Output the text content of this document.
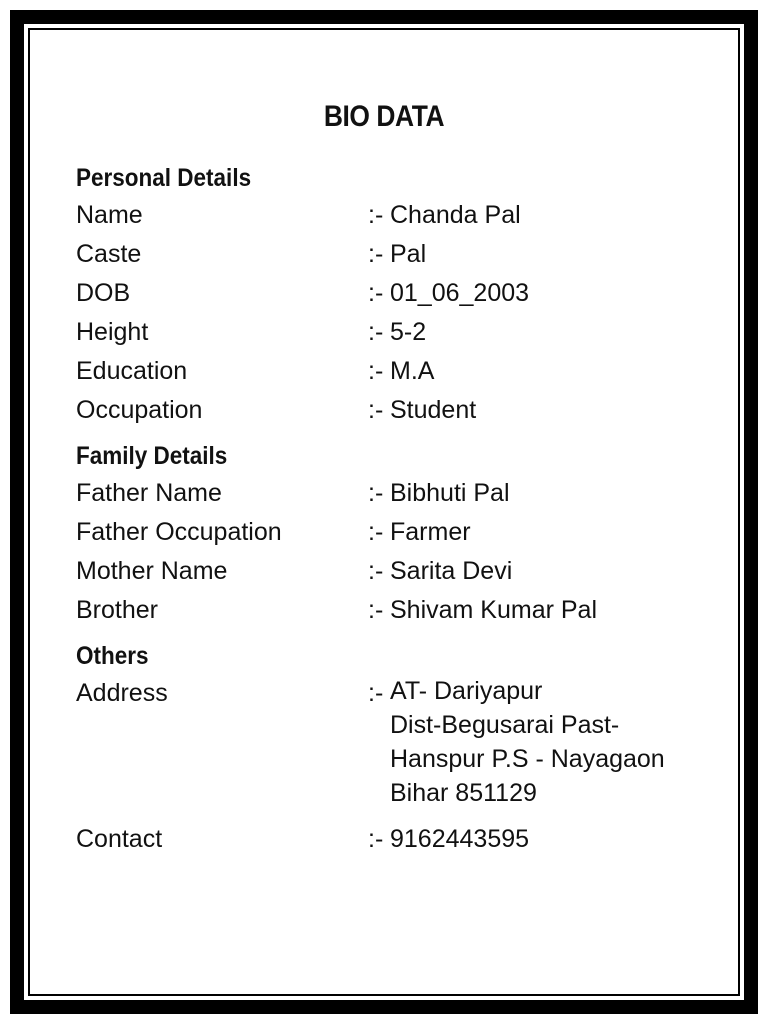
BIO DATA
Personal Details
Name	:- Chanda Pal
Caste	:- Pal
DOB	:- 01_06_2003
Height	:- 5-2
Education	:- M.A
Occupation	:- Student
Family Details
Father Name	:- Bibhuti Pal
Father Occupation	:- Farmer
Mother Name	:- Sarita Devi
Brother	:- Shivam Kumar Pal
Others
Address	:- AT- Dariyapur
Dist-Begusarai Past-
Hanspur P.S - Nayagaon
Bihar 851129
Contact	:- 9162443595
